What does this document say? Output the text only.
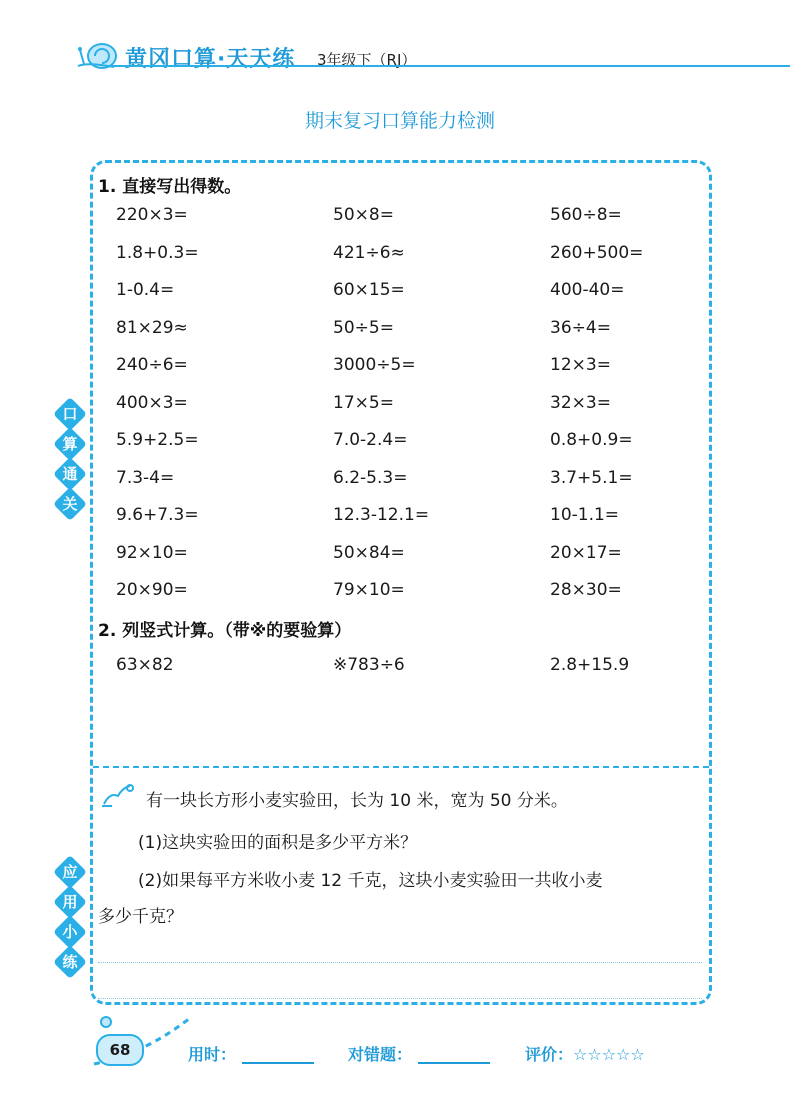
黄冈口算·天天练 3年级下（RJ）
期末复习口算能力检测
口
算
通
关
应
用
小
练
1. 直接写出得数。
220×3=	50×8=	560÷8=
1.8+0.3=	421÷6≈	260+500=
1-0.4=	60×15=	400-40=
81×29≈	50÷5=	36÷4=
240÷6=	3000÷5=	12×3=
400×3=	17×5=	32×3=
5.9+2.5=	7.0-2.4=	0.8+0.9=
7.3-4=	6.2-5.3=	3.7+5.1=
9.6+7.3=	12.3-12.1=	10-1.1=
92×10=	50×84=	20×17=
20×90=	79×10=	28×30=
2. 列竖式计算。（带※的要验算）
63×82	※783÷6	2.8+15.9
有一块长方形小麦实验田，长为 10 米，宽为 50 分米。
(1)这块实验田的面积是多少平方米？
(2)如果每平方米收小麦 12 千克，这块小麦实验田一共收小麦
多少千克？
68	用时：	对错题：	评价：☆☆☆☆☆
